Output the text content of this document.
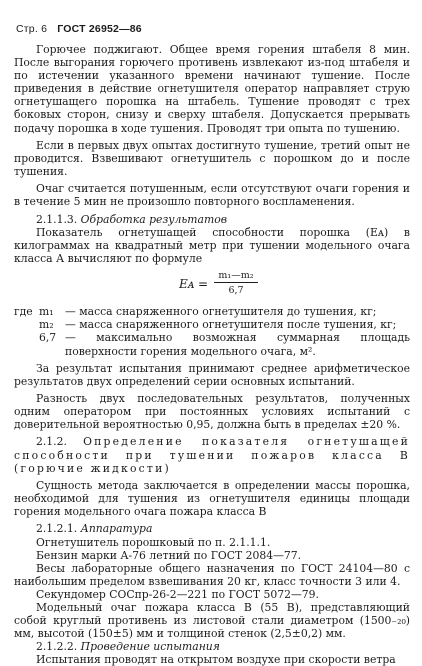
Стр. 6 ГОСТ 26952—86

Горючее поджигают. Общее время горения штабеля 8 мин. После выгорания горючего противень извлекают из-под штабеля и по истечении указанного времени начинают тушение. После приведения в действие огнетушителя оператор направляет струю огнетушащего порошка на штабель. Тушение проводят с трех боковых сторон, снизу и сверху штабеля. Допускается прерывать подачу порошка в ходе тушения. Проводят три опыта по тушению.

Если в первых двух опытах достигнуто тушение, третий опыт не проводится. Взвешивают огнетушитель с порошком до и после тушения.

Очаг считается потушенным, если отсутствуют очаги горения и в течение 5 мин не произошло повторного воспламенения.

2.1.1.3. Обработка результатов

Показатель огнетушащей способности порошка (Eᴀ) в килограммах на квадратный метр при тушении модельного очага класса А вычисляют по формуле

Eᴀ = $\frac{\text{m₁—m₂}}{6,7}$
где	m₁	— масса снаряженного огнетушителя до тушения, кг;
	m₂	— масса снаряженного огнетушителя после тушения, кг;
	6,7	— максимально возможная суммарная площадь поверхности горения модельного очага, м².

За результат испытания принимают среднее арифметическое результатов двух определений серии основных испытаний.

Разность двух последовательных результатов, полученных одним оператором при постоянных условиях испытаний с доверительной вероятностью 0,95, должна быть в пределах ±20 %.

2.1.2. Определение показателя огнетушащей способности при тушении пожаров класса В (горючие жидкости)

Сущность метода заключается в определении массы порошка, необходимой для тушения из огнетушителя единицы площади горения модельного очага пожара класса В

2.1.2.1. Аппаратура

Огнетушитель порошковый по п. 2.1.1.1.

Бензин марки А-76 летний по ГОСТ 2084—77.

Весы лабораторные общего назначения по ГОСТ 24104—80 с наибольшим пределом взвешивания 20 кг, класс точности 3 или 4.

Секундомер СОСпр-26-2—221 по ГОСТ 5072—79.

Модельный очаг пожара класса В (55 В), представляющий собой круглый противень из листовой стали диаметром (1500₋₂₀) мм, высотой (150±5) мм и толщиной стенок (2,5±0,2) мм.

2.1.2.2. Проведение испытания

Испытания проводят на открытом воздухе при скорости ветра
